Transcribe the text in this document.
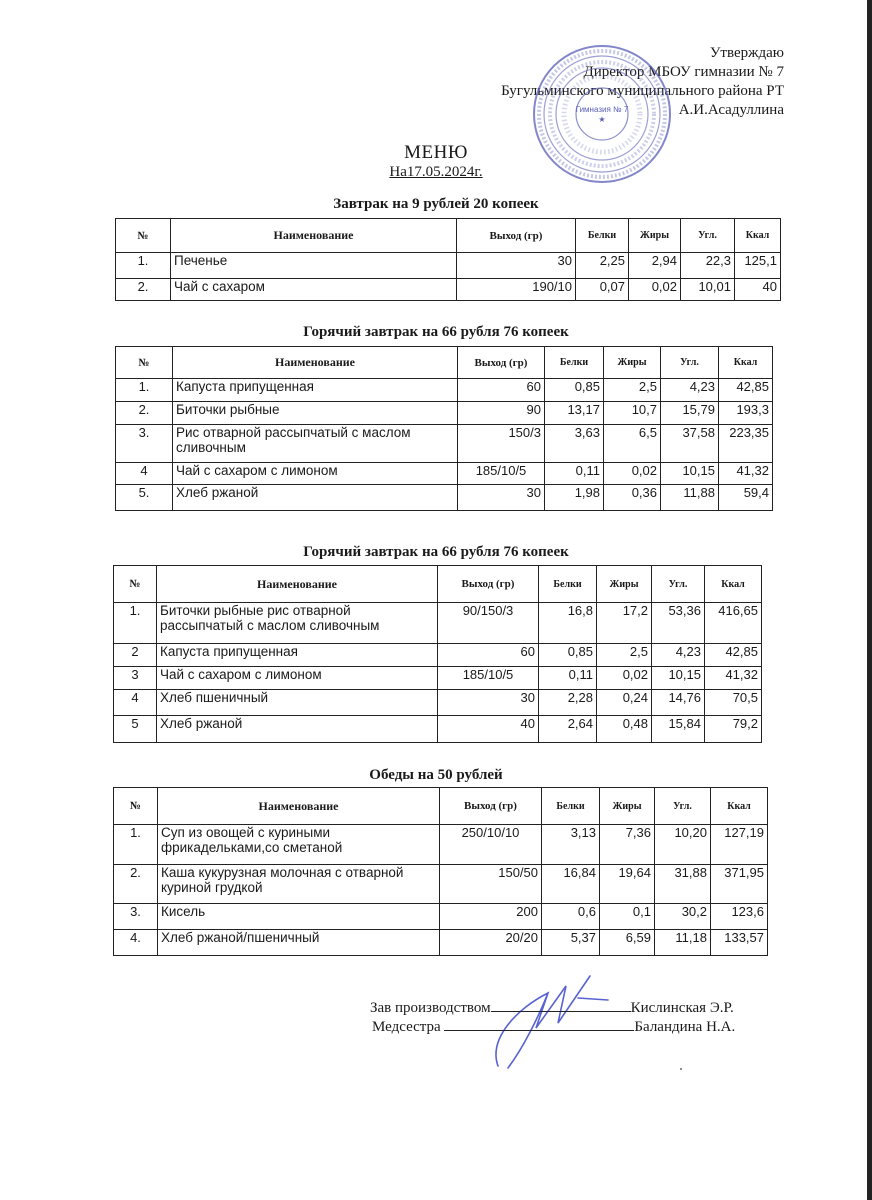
Утверждаю
Директор МБОУ гимназии № 7
Бугульминского муниципального района РТ
А.И.Асадуллина
Гимназия № 7
★
МЕНЮ
На17.05.2024г.
Завтрак на 9 рублей 20 копеек
№	Наименование	Выход (гр)	Белки	Жиры	Угл.	Ккал
1.	Печенье	30	2,25	2,94	22,3	125,1
2.	Чай с сахаром	190/10	0,07	0,02	10,01	40
Горячий завтрак на 66 рубля 76 копеек
№	Наименование	Выход (гр)	Белки	Жиры	Угл.	Ккал
1.	Капуста припущенная	60	0,85	2,5	4,23	42,85
2.	Биточки рыбные	90	13,17	10,7	15,79	193,3
3.	Рис отварной рассыпчатый с маслом сливочным	150/3	3,63	6,5	37,58	223,35
4	Чай с сахаром с лимоном	185/10/5	0,11	0,02	10,15	41,32
5.	Хлеб ржаной	30	1,98	0,36	11,88	59,4
Горячий завтрак на 66 рубля 76 копеек
№	Наименование	Выход (гр)	Белки	Жиры	Угл.	Ккал
1.	Биточки рыбные рис отварной рассыпчатый с маслом сливочным	90/150/3	16,8	17,2	53,36	416,65
2	Капуста припущенная	60	0,85	2,5	4,23	42,85
3	Чай с сахаром с лимоном	185/10/5	0,11	0,02	10,15	41,32
4	Хлеб пшеничный	30	2,28	0,24	14,76	70,5
5	Хлеб ржаной	40	2,64	0,48	15,84	79,2
Обеды на 50 рублей
№	Наименование	Выход (гр)	Белки	Жиры	Угл.	Ккал
1.	Суп из овощей с куриными фрикадельками,со сметаной	250/10/10	3,13	7,36	10,20	127,19
2.	Каша кукурузная молочная с отварной куриной грудкой	150/50	16,84	19,64	31,88	371,95
3.	Кисель	200	0,6	0,1	30,2	123,6
4.	Хлеб ржаной/пшеничный	20/20	5,37	6,59	11,18	133,57
Зав производством	Кислинская Э.Р.
Медсестра	Баландина Н.А.
